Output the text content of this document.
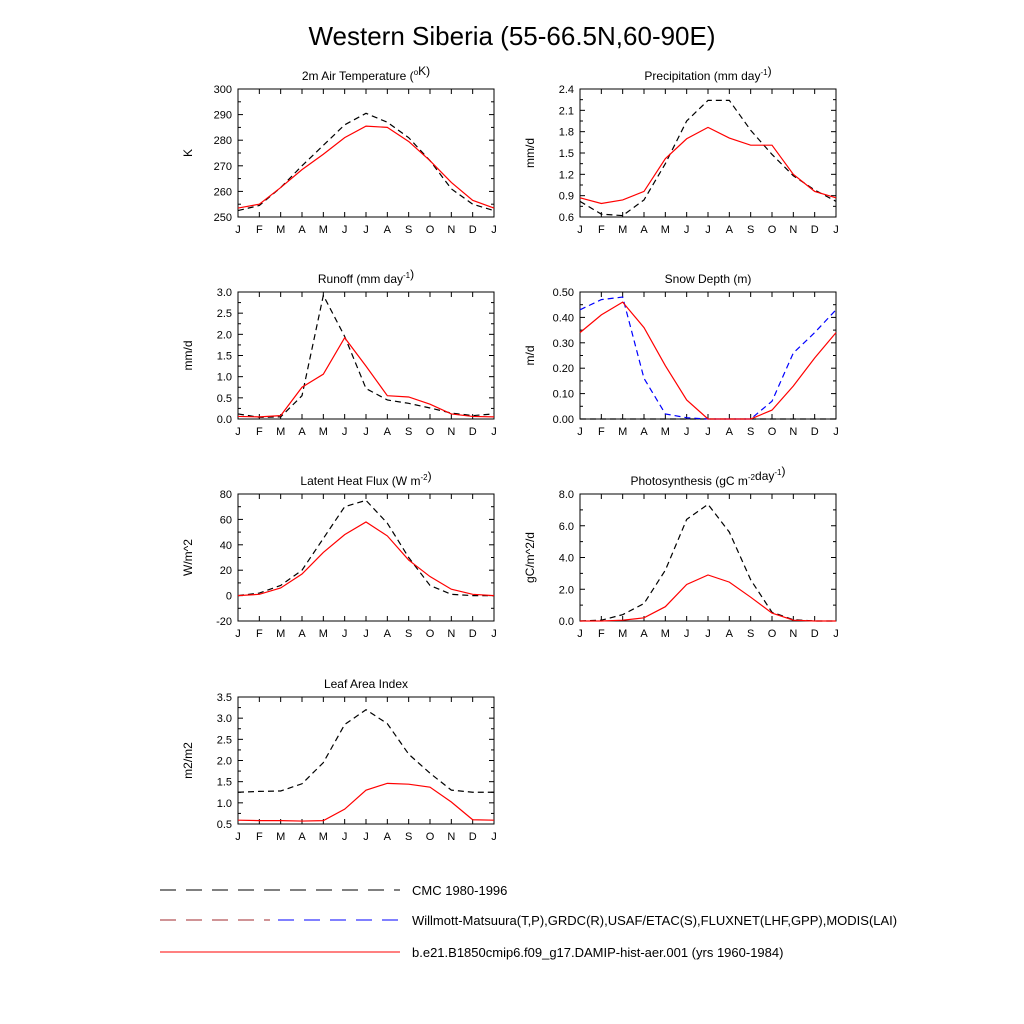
Western Siberia (55-66.5N,60-90E)
J F M A M J J A S O N D J
250
260
270
280
290
300
2m Air Temperature ($^o$K)
K
J F M A M J J A S O N D J
0.6
0.9
1.2
1.5
1.8
2.1
2.4
Precipitation (mm day$^{-1}$)
mm/d
J F M A M J J A S O N D J
0.0
0.5
1.0
1.5
2.0
2.5
3.0
Runoff (mm day$^{-1}$)
mm/d
J F M A M J J A S O N D J
0.00
0.10
0.20
0.30
0.40
0.50
Snow Depth (m)
m/d
J F M A M J J A S O N D J
-20
0
20
40
60
80
Latent Heat Flux (W $m^{-2}$)
W/m^2
J F M A M J J A S O N D J
0.0
2.0
4.0
6.0
8.0
Photosynthesis (gC $m^{-2}day^{-1}$)
gC/m^2/d
J F M A M J J A S O N D J
0.5
1.0
1.5
2.0
2.5
3.0
3.5
Leaf Area Index
m2/m2
CMC 1980-1996
Willmott-Matsuura(T,P),GRDC(R),USAF/ETAC(S),FLUXNET(LHF,GPP),MODIS(LAI)
b.e21.B1850cmip6.f09_g17.DAMIP-hist-aer.001 (yrs 1960-1984)
